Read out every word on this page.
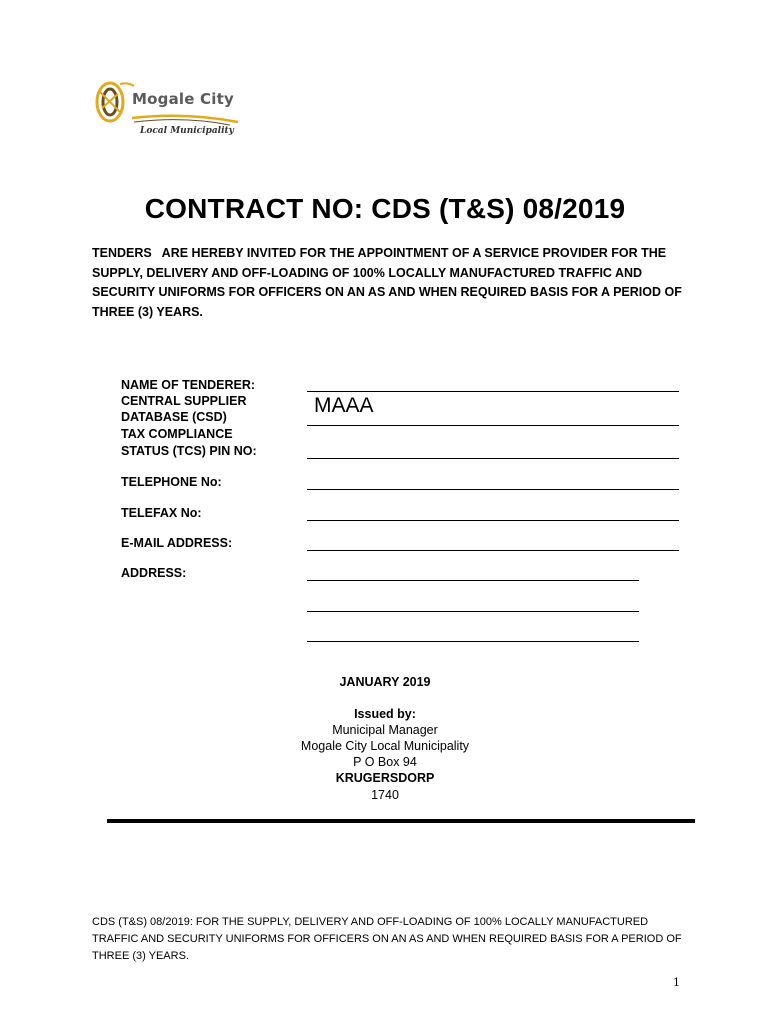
Mogale City
Local Municipality
CONTRACT NO: CDS (T&S) 08/2019
TENDERS   ARE HEREBY INVITED FOR THE APPOINTMENT OF A SERVICE PROVIDER FOR THE SUPPLY, DELIVERY AND OFF-LOADING OF 100% LOCALLY MANUFACTURED TRAFFIC AND SECURITY UNIFORMS FOR OFFICERS ON AN AS AND WHEN REQUIRED BASIS FOR A PERIOD OF THREE (3) YEARS.
NAME OF TENDERER:
CENTRAL SUPPLIER
DATABASE (CSD)
TAX COMPLIANCE
STATUS (TCS) PIN NO:
TELEPHONE No:
TELEFAX No:
E-MAIL ADDRESS:
ADDRESS:
MAAA
JANUARY 2019
Issued by:
Municipal Manager
Mogale City Local Municipality
P O Box 94
KRUGERSDORP
1740
CDS (T&S) 08/2019: FOR THE SUPPLY, DELIVERY AND OFF-LOADING OF 100% LOCALLY MANUFACTURED TRAFFIC AND SECURITY UNIFORMS FOR OFFICERS ON AN AS AND WHEN REQUIRED BASIS FOR A PERIOD OF THREE (3) YEARS.
1
